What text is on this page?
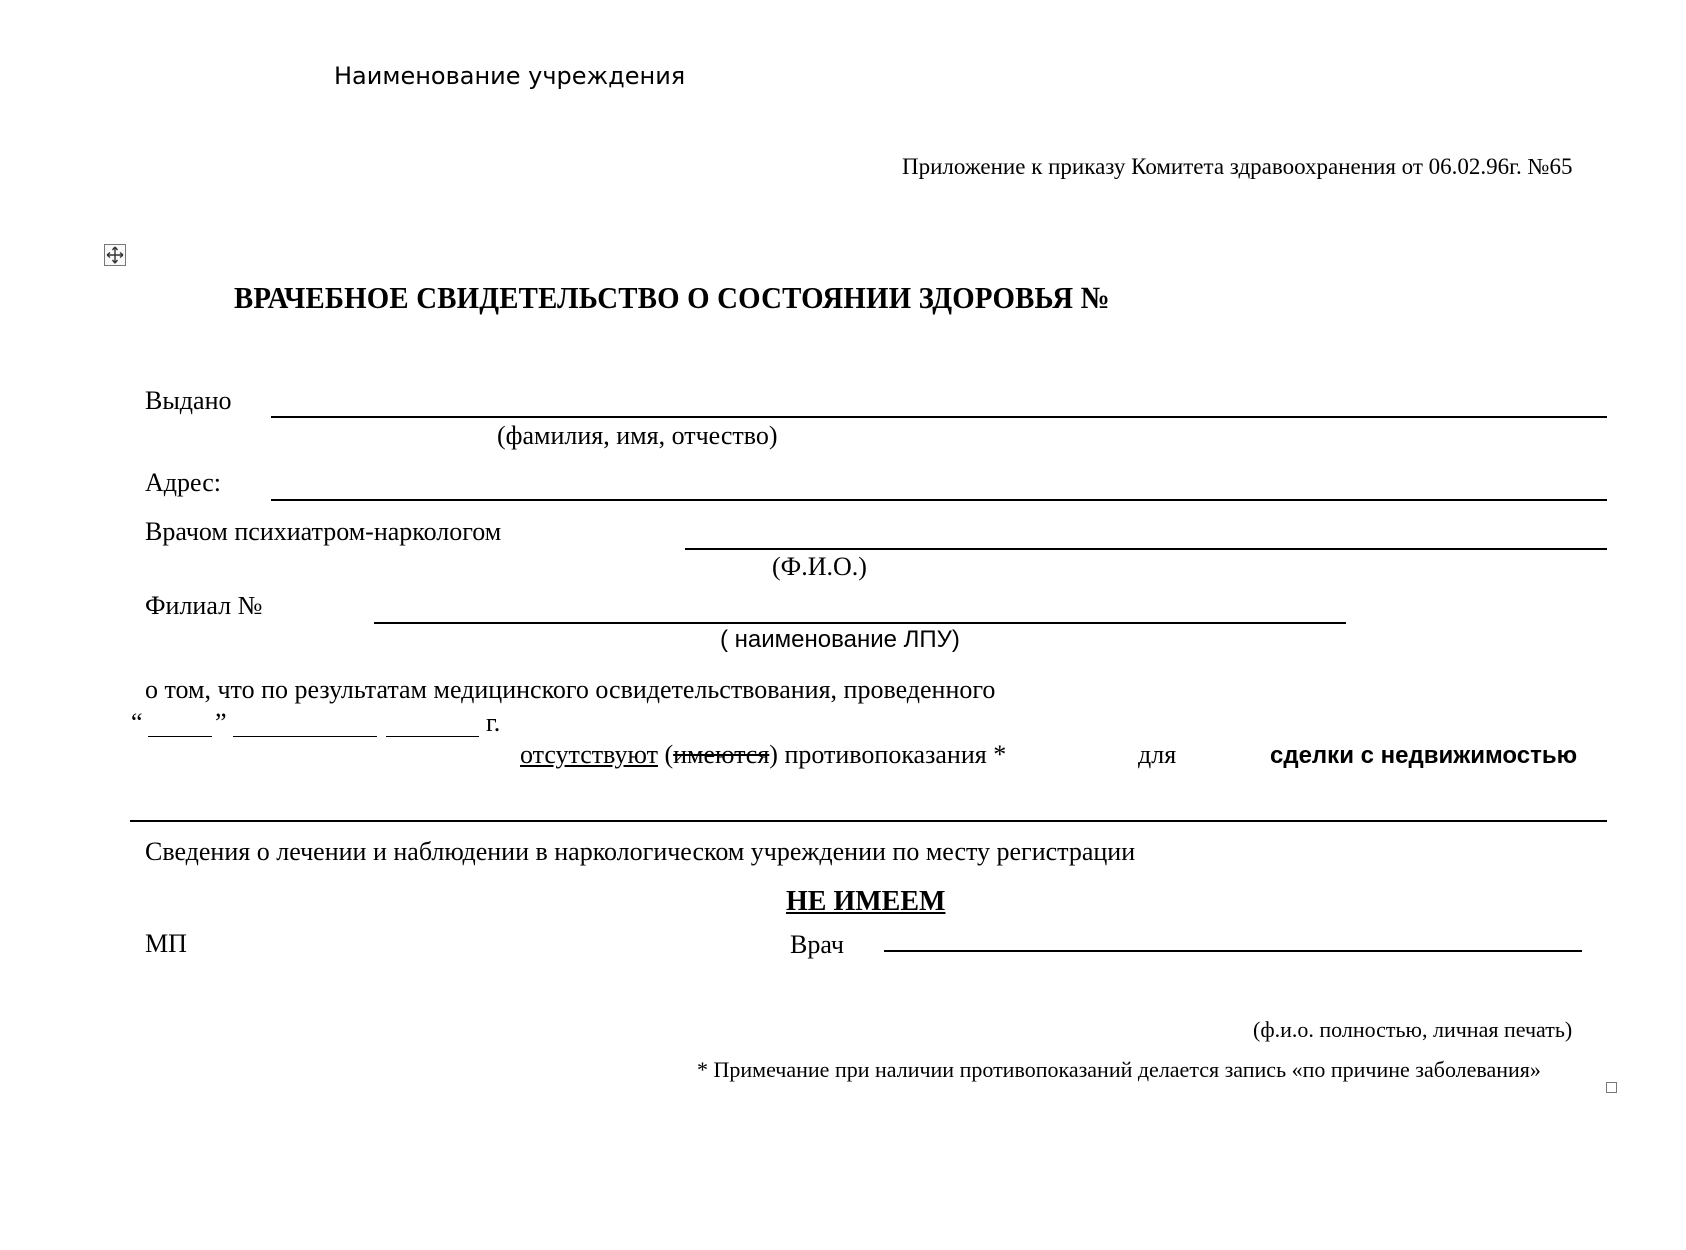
Наименование учреждения
Приложение к приказу Комитета здравоохранения от 06.02.96г. №65
ВРАЧЕБНОЕ СВИДЕТЕЛЬСТВО О СОСТОЯНИИ ЗДОРОВЬЯ №
Выдано
(фамилия, имя, отчество)
Адрес:
Врачом психиатром-наркологом
(Ф.И.О.)
Филиал №
( наименование ЛПУ)
о том, что по результатам медицинского освидетельствования, проведенного
“	”	г.
отсутствуют (имеются) противопоказания *	для	сделки с недвижимостью
Сведения о лечении и наблюдении в наркологическом учреждении по месту регистрации
НЕ ИМЕЕМ
МП	Врач
(ф.и.о. полностью, личная печать)
* Примечание при наличии противопоказаний делается запись «по причине заболевания»
